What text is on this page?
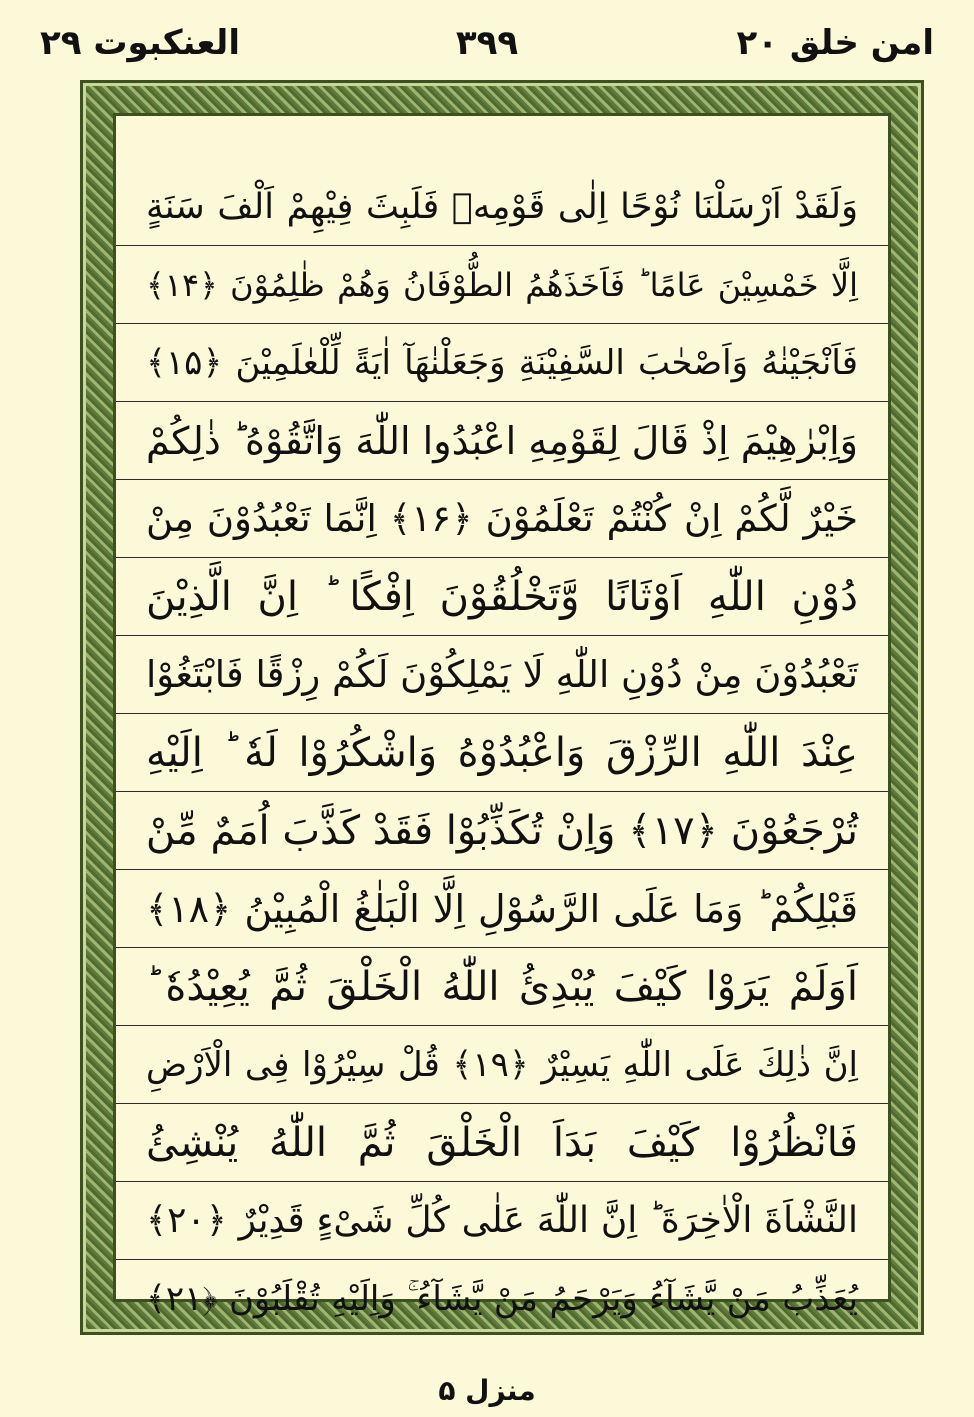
امن خلق ۲۰
۳۹۹
العنکبوت ۲۹
وَلَقَدْ اَرْسَلْنَا نُوْحًا اِلٰى قَوْمِهٖ فَلَبِثَ فِيْهِمْ اَلْفَ سَنَةٍ
اِلَّا خَمْسِيْنَ عَامًا ؕ فَاَخَذَهُمُ الطُّوْفَانُ وَهُمْ ظٰلِمُوْنَ ﴿۱۴﴾
فَاَنْجَيْنٰهُ وَاَصْحٰبَ السَّفِيْنَةِ وَجَعَلْنٰهَآ اٰيَةً لِّلْعٰلَمِيْنَ ﴿۱۵﴾
وَاِبْرٰهِيْمَ اِذْ قَالَ لِقَوْمِهِ اعْبُدُوا اللّٰهَ وَاتَّقُوْهُ ؕ ذٰلِكُمْ
خَيْرٌ لَّكُمْ اِنْ كُنْتُمْ تَعْلَمُوْنَ ﴿۱۶﴾ اِنَّمَا تَعْبُدُوْنَ مِنْ
دُوْنِ اللّٰهِ اَوْثَانًا وَّتَخْلُقُوْنَ اِفْكًا ؕ اِنَّ الَّذِيْنَ
تَعْبُدُوْنَ مِنْ دُوْنِ اللّٰهِ لَا يَمْلِكُوْنَ لَكُمْ رِزْقًا فَابْتَغُوْا
عِنْدَ اللّٰهِ الرِّزْقَ وَاعْبُدُوْهُ وَاشْكُرُوْا لَهٗ ؕ اِلَيْهِ
تُرْجَعُوْنَ ﴿۱۷﴾ وَاِنْ تُكَذِّبُوْا فَقَدْ كَذَّبَ اُمَمٌ مِّنْ
قَبْلِكُمْ ؕ وَمَا عَلَى الرَّسُوْلِ اِلَّا الْبَلٰغُ الْمُبِيْنُ ﴿۱۸﴾
اَوَلَمْ يَرَوْا كَيْفَ يُبْدِئُ اللّٰهُ الْخَلْقَ ثُمَّ يُعِيْدُهٗ ؕ
اِنَّ ذٰلِكَ عَلَى اللّٰهِ يَسِيْرٌ ﴿۱۹﴾ قُلْ سِيْرُوْا فِى الْاَرْضِ
فَانْظُرُوْا كَيْفَ بَدَاَ الْخَلْقَ ثُمَّ اللّٰهُ يُنْشِئُ
النَّشْاَةَ الْاٰخِرَةَ ؕ اِنَّ اللّٰهَ عَلٰى كُلِّ شَیْءٍ قَدِيْرٌ ﴿۲۰﴾
يُعَذِّبُ مَنْ يَّشَآءُ وَيَرْحَمُ مَنْ يَّشَآءُ ۚ وَاِلَيْهِ تُقْلَبُوْنَ ﴿۲۱﴾
منزل ۵
